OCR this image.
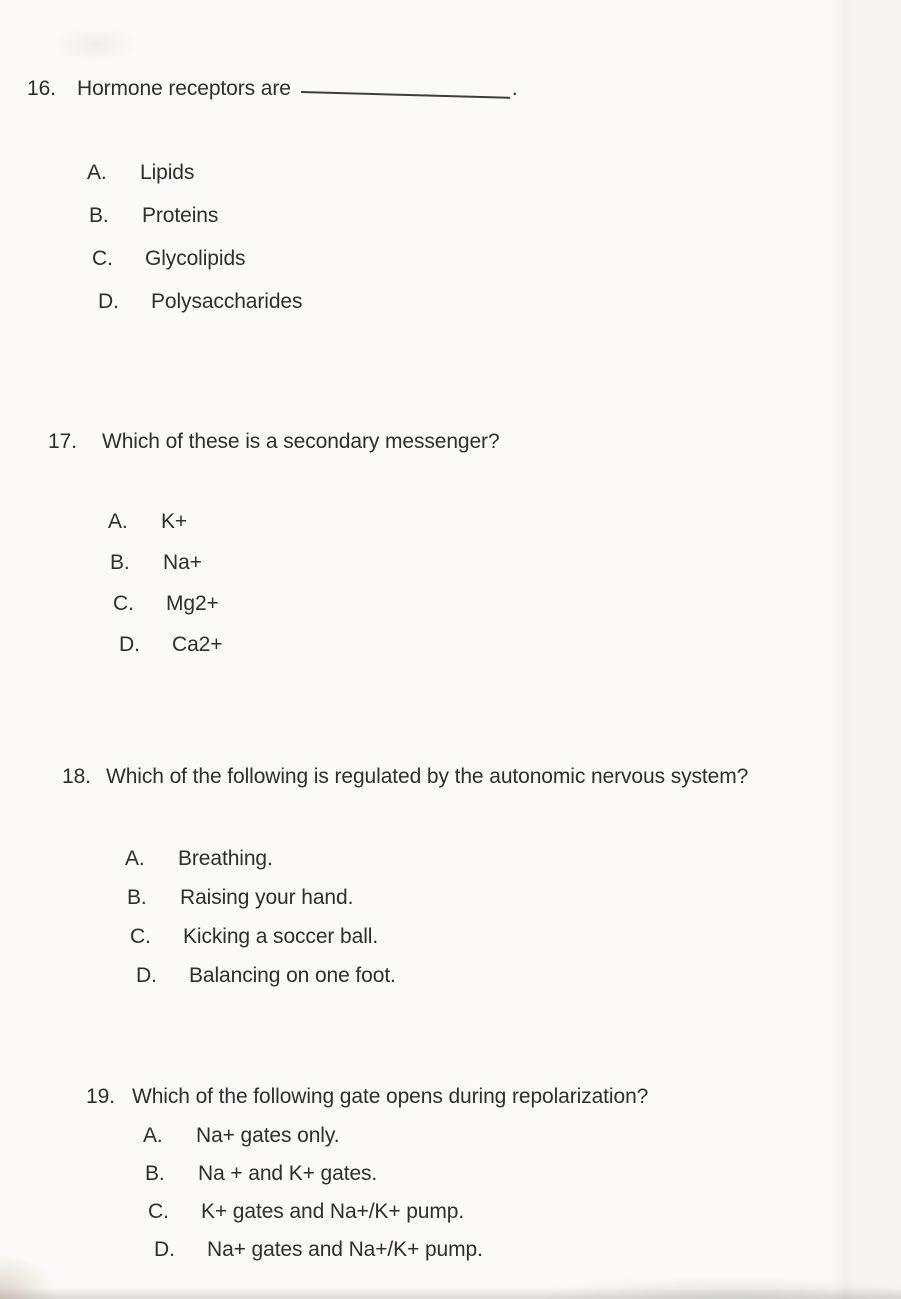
16. Hormone receptors are	.
A. Lipids
B. Proteins
C. Glycolipids
D. Polysaccharides
17. Which of these is a secondary messenger?
A. K+
B. Na+
C. Mg2+
D. Ca2+
18. Which of the following is regulated by the autonomic nervous system?
A. Breathing.
B. Raising your hand.
C. Kicking a soccer ball.
D. Balancing on one foot.
19. Which of the following gate opens during repolarization?
A. Na+ gates only.
B. Na + and K+ gates.
C. K+ gates and Na+/K+ pump.
D. Na+ gates and Na+/K+ pump.
